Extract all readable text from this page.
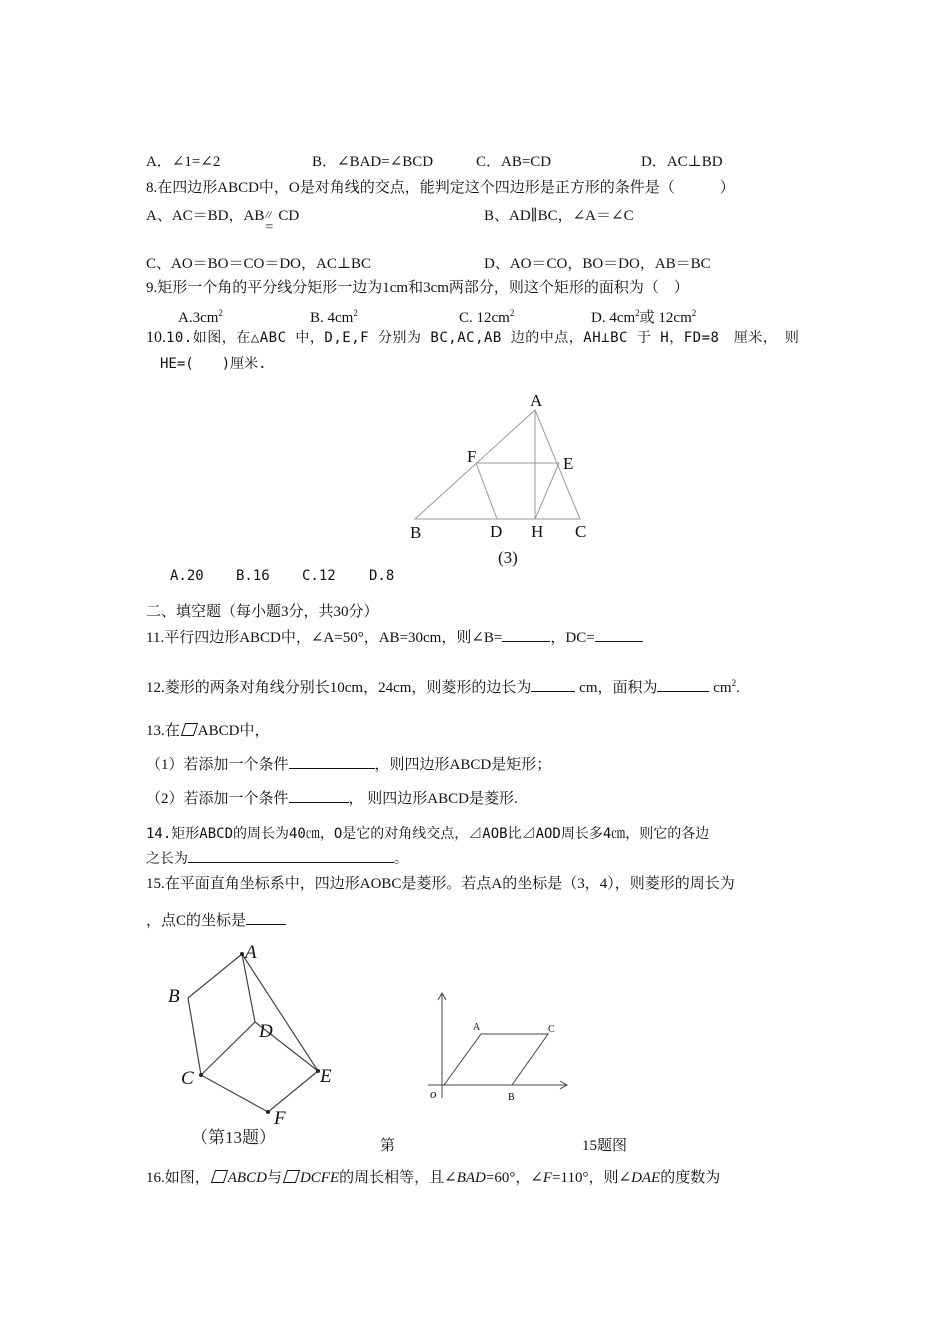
A．∠1=∠2	B．∠BAD=∠BCD	C．AB=CD	D．AC⊥BD
8.在四边形ABCD中，O是对角线的交点，能判定这个四边形是正方形的条件是（　　　）
A、AC＝BD，AB //
=
CD	B、AD∥BC，∠A＝∠C
C、AO＝BO＝CO＝DO，AC⊥BC	D、AO＝CO，BO＝DO，AB＝BC
9.矩形一个角的平分线分矩形一边为1cm和3cm两部分，则这个矩形的面积为（　）
$A.3cm^2$	B. $4cm^2$	C. $12cm^2$	D. $4cm^2$或 $12cm^2$
10.10.如图，在△ABC 中，D,E,F 分别为 BC,AC,AB 边的中点，AH⊥BC 于 H，FD=8　厘米，　则
HE=(　　)厘米.
A
F	E
B	D H C
(3)
A.20 B.16 C.12 D.8
二、填空题（每小题3分，共30分）
11.平行四边形ABCD中，∠A=50°，AB=30cm，则∠B=	，DC=
12.菱形的两条对角线分别长10cm，24cm，则菱形的边长为	cm，面积为	$cm^2$.
13.在 ABCD中，
（1）若添加一个条件	，则四边形ABCD是矩形；
（2）若添加一个条件	， 则四边形ABCD是菱形.
14.矩形ABCD的周长为40㎝，O是它的对角线交点，⊿AOB比⊿AOD周长多4㎝，则它的各边
之长为	。
15.在平面直角坐标系中，四边形AOBC是菱形。若点A的坐标是（3，4），则菱形的周长为
，点C的坐标是
A
B
D
C	E
F
（第13题）
A	C
B
o
第	15题图
16.如图， ABCD与 DCFE的周长相等，且∠BAD=60°，∠F=110°，则∠DAE的度数为
